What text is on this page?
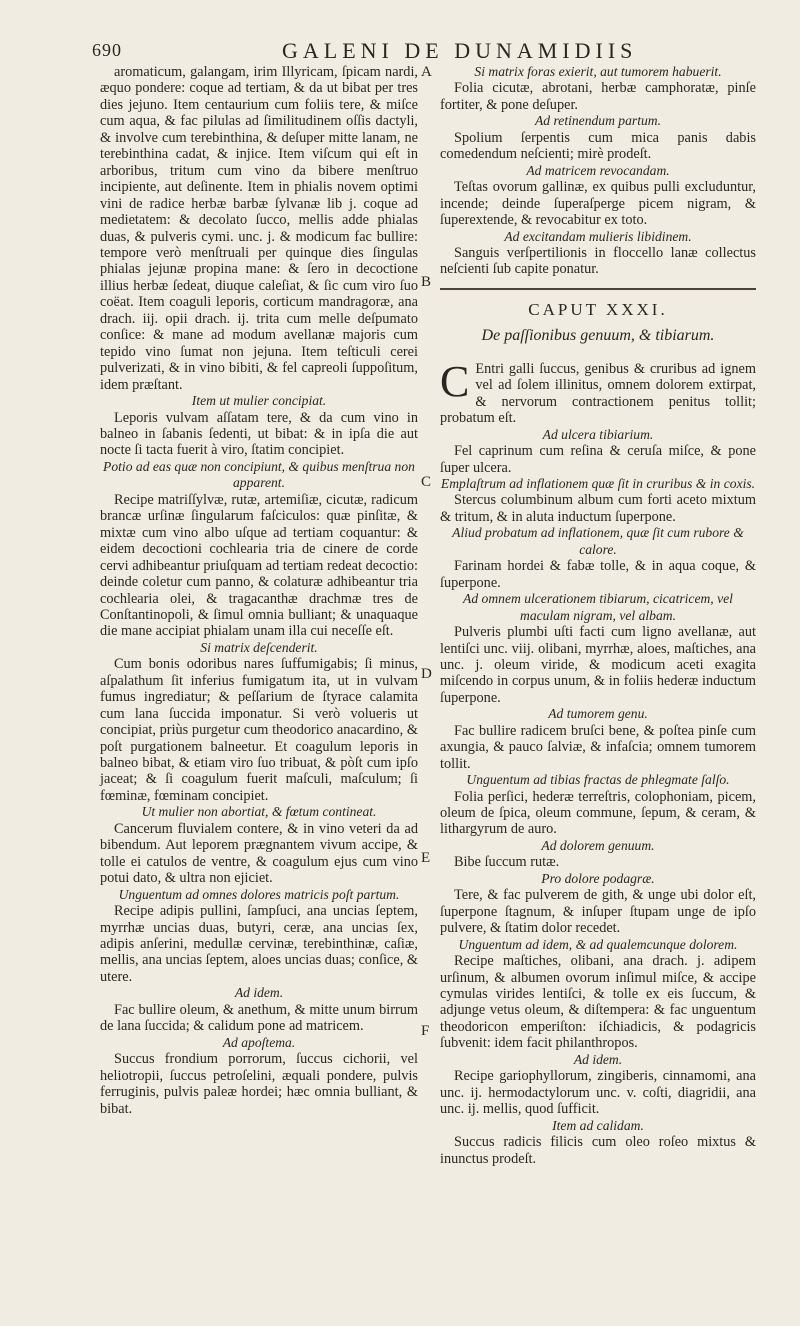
690	GALENI DE DUNAMIDIIS
A
B
C
D
E
F

aromaticum, galangam, irim Illyricam, ſpicam nardi, æquo pondere: coque ad tertiam, & da ut bibat per tres dies jejuno. Item centaurium cum foliis tere, & miſce cum aqua, & fac pilulas ad ſimilitudinem oſſis dactyli, & involve cum terebinthina, & deſuper mitte lanam, ne terebinthina cadat, & injice. Item viſcum qui eſt in arboribus, tritum cum vino da bibere menſtruo incipiente, aut deſinente. Item in phialis novem optimi vini de radice herbæ barbæ ſylvanæ lib j. coque ad medietatem: & decolato ſucco, mellis adde phialas duas, & pulveris cymi. unc. j. & modicum fac bullire: tempore verò menſtruali per quinque dies ſingulas phialas jejunæ propina mane: & ſero in decoctione illius herbæ ſedeat, diuque caleſiat, & ſic cum viro ſuo coëat. Item coaguli leporis, corticum mandragoræ, ana drach. iij. opii drach. ij. trita cum melle deſpumato conſice: & mane ad modum avellanæ majoris cum tepido vino ſumat non jejuna. Item teſticuli cerei pulverizati, & in vino bibiti, & fel capreoli ſuppoſitum, idem præſtant.

Item ut mulier concipiat.

Leporis vulvam aſſatam tere, & da cum vino in balneo in ſabanis ſedenti, ut bibat: & in ipſa die aut nocte ſi tacta fuerit à viro, ſtatim concipiet.

Potio ad eas quæ non concipiunt, & quibus menſtrua non apparent.

Recipe matriſſylvæ, rutæ, artemiſiæ, cicutæ, radicum brancæ urſinæ ſingularum faſciculos: quæ pinſitæ, & mixtæ cum vino albo uſque ad tertiam coquantur: & eidem decoctioni cochlearia tria de cinere de corde cervi adhibeantur priuſquam ad tertiam redeat decoctio: deinde coletur cum panno, & colaturæ adhibeantur tria cochlearia olei, & tragacanthæ drachmæ tres de Conſtantinopoli, & ſimul omnia bulliant; & unaquaque die mane accipiat phialam unam illa cui neceſſe eſt.

Si matrix deſcenderit.

Cum bonis odoribus nares ſuffumigabis; ſi minus, aſpalathum ſit inferius fumigatum ita, ut in vulvam fumus ingrediatur; & peſſarium de ſtyrace calamita cum lana ſuccida imponatur. Si verò volueris ut concipiat, priùs purgetur cum theodorico anacardino, & poſt purgationem balneetur. Et coagulum leporis in balneo bibat, & etiam viro ſuo tribuat, & pòſt cum ipſo jaceat; & ſi coagulum fuerit maſculi, maſculum; ſi fœminæ, fœminam concipiet.

Ut mulier non abortiat, & fœtum contineat.

Cancerum fluvialem contere, & in vino veteri da ad bibendum. Aut leporem prægnantem vivum accipe, & tolle ei catulos de ventre, & coagulum ejus cum vino potui dato, & ultra non ejiciet.

Unguentum ad omnes dolores matricis poſt partum.

Recipe adipis pullini, ſampſuci, ana uncias ſeptem, myrrhæ uncias duas, butyri, ceræ, ana uncias ſex, adipis anſerini, medullæ cervinæ, terebinthinæ, caſiæ, mellis, ana uncias ſeptem, aloes uncias duas; conſice, & utere.

Ad idem.

Fac bullire oleum, & anethum, & mitte unum birrum de lana ſuccida; & calidum pone ad matricem.

Ad apoſtema.

Succus frondium porrorum, ſuccus cichorii, vel heliotropii, ſuccus petroſelini, æquali pondere, pulvis ferruginis, pulvis paleæ hordei; hæc omnia bulliant, & bibat.

Si matrix foras exierit, aut tumorem habuerit.

Folia cicutæ, abrotani, herbæ camphoratæ, pinſe fortiter, & pone deſuper.

Ad retinendum partum.

Spolium ſerpentis cum mica panis dabis comedendum neſcienti; mirè prodeſt.

Ad matricem revocandam.

Teſtas ovorum gallinæ, ex quibus pulli excluduntur, incende; deinde ſuperaſperge picem nigram, & ſuperextende, & revocabitur ex toto.

Ad excitandam mulieris libidinem.

Sanguis verſpertilionis in floccello lanæ collectus neſcienti ſub capite ponatur.

CAPUT XXXI.
De paſſionibus genuum, & tibiarum.

C Entri galli ſuccus, genibus & cruribus ad ignem vel ad ſolem illinitus, omnem dolorem extirpat, & nervorum contractionem penitus tollit; probatum eſt.

Ad ulcera tibiarium.

Fel caprinum cum reſina & ceruſa miſce, & pone ſuper ulcera.

Emplaſtrum ad inflationem quæ ſit in cruribus & in coxis.

Stercus columbinum album cum forti aceto mixtum & tritum, & in aluta inductum ſuperpone.

Aliud probatum ad inflationem, quæ ſit cum rubore & calore.

Farinam hordei & fabæ tolle, & in aqua coque, & ſuperpone.

Ad omnem ulcerationem tibiarum, cicatricem, vel maculam nigram, vel albam.

Pulveris plumbi uſti facti cum ligno avellanæ, aut lentiſci unc. viij. olibani, myrrhæ, aloes, maſtiches, ana unc. j. oleum viride, & modicum aceti exagita miſcendo in corpus unum, & in foliis hederæ inductum ſuperpone.

Ad tumorem genu.

Fac bullire radicem bruſci bene, & poſtea pinſe cum axungia, & pauco ſalviæ, & infaſcia; omnem tumorem tollit.

Unguentum ad tibias fractas de phlegmate ſalſo.

Folia perſici, hederæ terreſtris, colophoniam, picem, oleum de ſpica, oleum commune, ſepum, & ceram, & lithargyrum de auro.

Ad dolorem genuum.

Bibe ſuccum rutæ.

Pro dolore podagræ.

Tere, & fac pulverem de gith, & unge ubi dolor eſt, ſuperpone ſtagnum, & inſuper ſtupam unge de ipſo pulvere, & ſtatim dolor recedet.

Unguentum ad idem, & ad qualemcunque dolorem.

Recipe maſtiches, olibani, ana drach. j. adipem urſinum, & albumen ovorum inſimul miſce, & accipe cymulas virides lentiſci, & tolle ex eis ſuccum, & adjunge vetus oleum, & diſtempera: & fac unguentum theodoricon emperiſton: iſchiadicis, & podagricis ſubvenit: idem facit philanthropos.

Ad idem.

Recipe gariophyllorum, zingiberis, cinnamomi, ana unc. ij. hermodactylorum unc. v. coſti, diagridii, ana unc. ij. mellis, quod ſufficit.

Item ad calidam.

Succus radicis filicis cum oleo roſeo mixtus & inunctus prodeſt.
